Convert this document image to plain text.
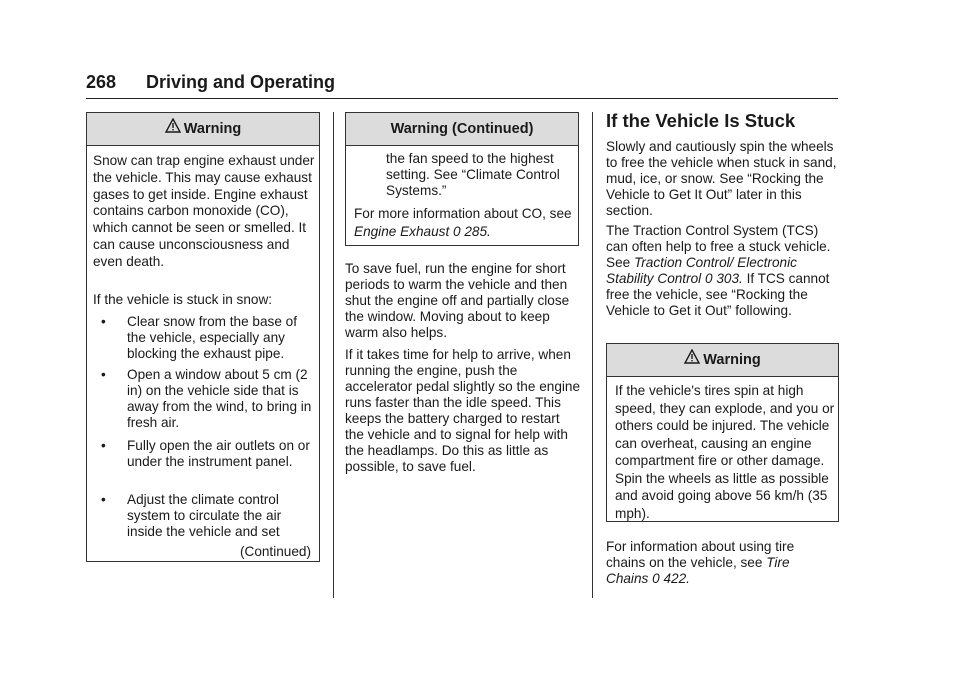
268 Driving and Operating
Warning

Snow can trap engine exhaust under the vehicle. This may cause exhaust gases to get inside. Engine exhaust contains carbon monoxide (CO), which cannot be seen or smelled. It can cause unconsciousness and even death.

If the vehicle is stuck in snow:

• Clear snow from the base of the vehicle, especially any blocking the exhaust pipe.
• Open a window about 5 cm (2 in) on the vehicle side that is away from the wind, to bring in fresh air.
• Fully open the air outlets on or under the instrument panel.
• Adjust the climate control system to circulate the air inside the vehicle and set
(Continued)
Warning (Continued)

the fan speed to the highest setting. See “Climate Control Systems.”

For more information about CO, see Engine Exhaust 0 285.

To save fuel, run the engine for short periods to warm the vehicle and then shut the engine off and partially close the window. Moving about to keep warm also helps.

If it takes time for help to arrive, when running the engine, push the accelerator pedal slightly so the engine runs faster than the idle speed. This keeps the battery charged to restart the vehicle and to signal for help with the headlamps. Do this as little as possible, to save fuel.

If the Vehicle Is Stuck

Slowly and cautiously spin the wheels to free the vehicle when stuck in sand, mud, ice, or snow. See “Rocking the Vehicle to Get It Out” later in this section.

The Traction Control System (TCS) can often help to free a stuck vehicle. See Traction Control/ Electronic Stability Control 0 303. If TCS cannot free the vehicle, see “Rocking the Vehicle to Get it Out” following.

Warning

If the vehicle's tires spin at high speed, they can explode, and you or others could be injured. The vehicle can overheat, causing an engine compartment fire or other damage. Spin the wheels as little as possible and avoid going above 56 km/h (35 mph).

For information about using tire chains on the vehicle, see Tire Chains 0 422.
